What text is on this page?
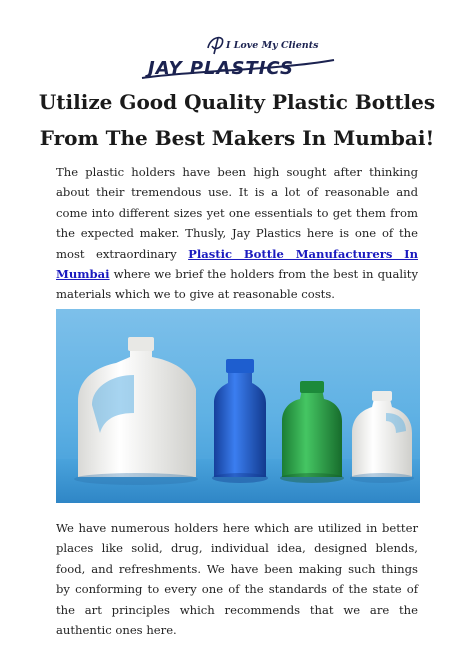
I Love My Clients
JAY PLASTICS
Utilize Good Quality Plastic Bottles
From The Best Makers In Mumbai!
The plastic holders have been high sought after thinking about their tremendous use. It is a lot of reasonable and come into different sizes yet one essentials to get them from the expected maker. Thusly, Jay Plastics here is one of the most extraordinary Plastic Bottle Manufacturers In Mumbai where we brief the holders from the best in quality materials which we to give at reasonable costs.
We have numerous holders here which are utilized in better places like solid, drug, individual idea, designed blends, food, and refreshments. We have been making such things by conforming to every one of the standards of the state of the art principles which recommends that we are the authentic ones here.
